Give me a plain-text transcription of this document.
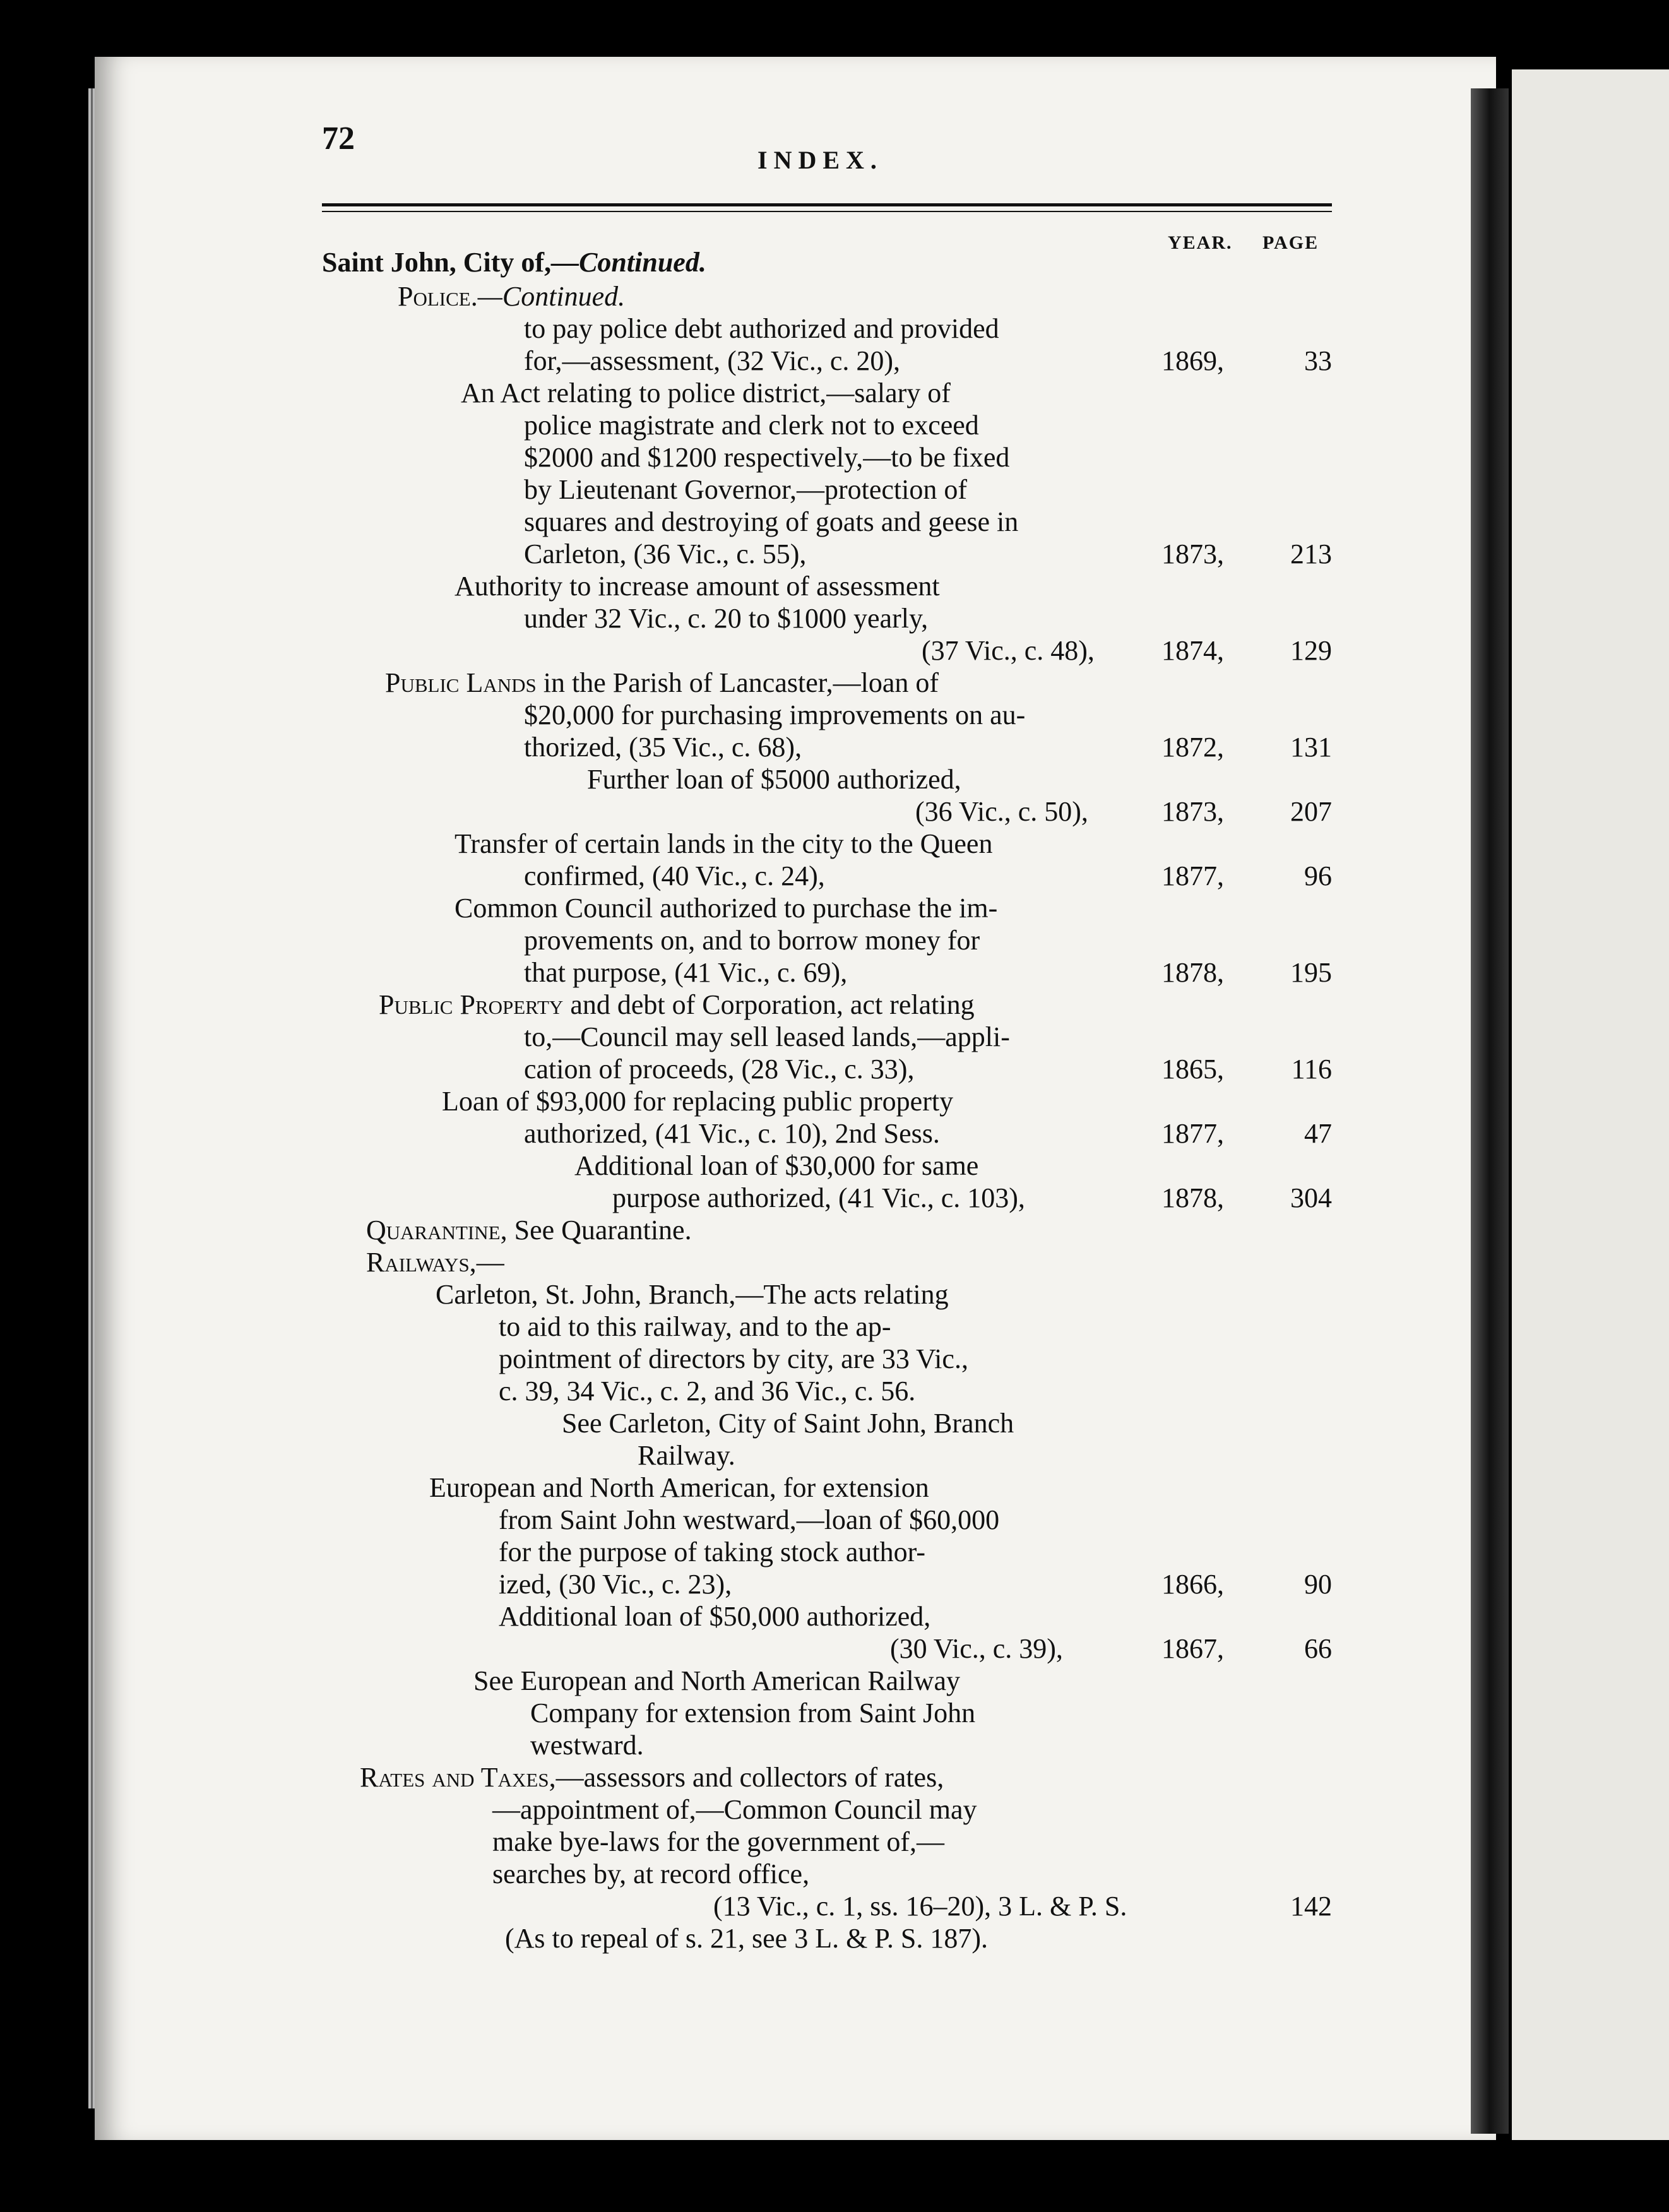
72
INDEX.
YEAR. PAGE
Saint John, City of,—Continued.
Police.—Continued.
to pay police debt authorized and provided
for,—assessment, (32 Vic., c. 20),	1869,	33
An Act relating to police district,—salary of
police magistrate and clerk not to exceed
$2000 and $1200 respectively,—to be fixed
by Lieutenant Governor,—protection of
squares and destroying of goats and geese in
Carleton, (36 Vic., c. 55),	1873, 213
Authority to increase amount of assessment
under 32 Vic., c. 20 to $1000 yearly,
(37 Vic., c. 48), 1874, 129
Public Lands in the Parish of Lancaster,—loan of
$20,000 for purchasing improvements on au-
thorized, (35 Vic., c. 68),	1872, 131
Further loan of $5000 authorized,
(36 Vic., c. 50),	1873, 207
Transfer of certain lands in the city to the Queen
confirmed, (40 Vic., c. 24),	1877,	96
Common Council authorized to purchase the im-
provements on, and to borrow money for
that purpose, (41 Vic., c. 69),	1878, 195
Public Property and debt of Corporation, act relating
to,—Council may sell leased lands,—appli-
cation of proceeds, (28 Vic., c. 33),	1865, 116
Loan of $93,000 for replacing public property
authorized, (41 Vic., c. 10), 2nd Sess.	1877,	47
Additional loan of $30,000 for same
purpose authorized, (41 Vic., c. 103),	1878, 304
Quarantine, See Quarantine.
Railways,—
Carleton, St. John, Branch,—The acts relating
to aid to this railway, and to the ap-
pointment of directors by city, are 33 Vic.,
c. 39, 34 Vic., c. 2, and 36 Vic., c. 56.
See Carleton, City of Saint John, Branch
Railway.
European and North American, for extension
from Saint John westward,—loan of $60,000
for the purpose of taking stock author-
ized, (30 Vic., c. 23),	1866,	90
Additional loan of $50,000 authorized,
(30 Vic., c. 39),	1867,	66
See European and North American Railway
Company for extension from Saint John
westward.
Rates and Taxes,—assessors and collectors of rates,
—appointment of,—Common Council may
make bye-laws for the government of,—
searches by, at record office,
(13 Vic., c. 1, ss. 16–20), 3 L. & P. S.	142
(As to repeal of s. 21, see 3 L. & P. S. 187).
